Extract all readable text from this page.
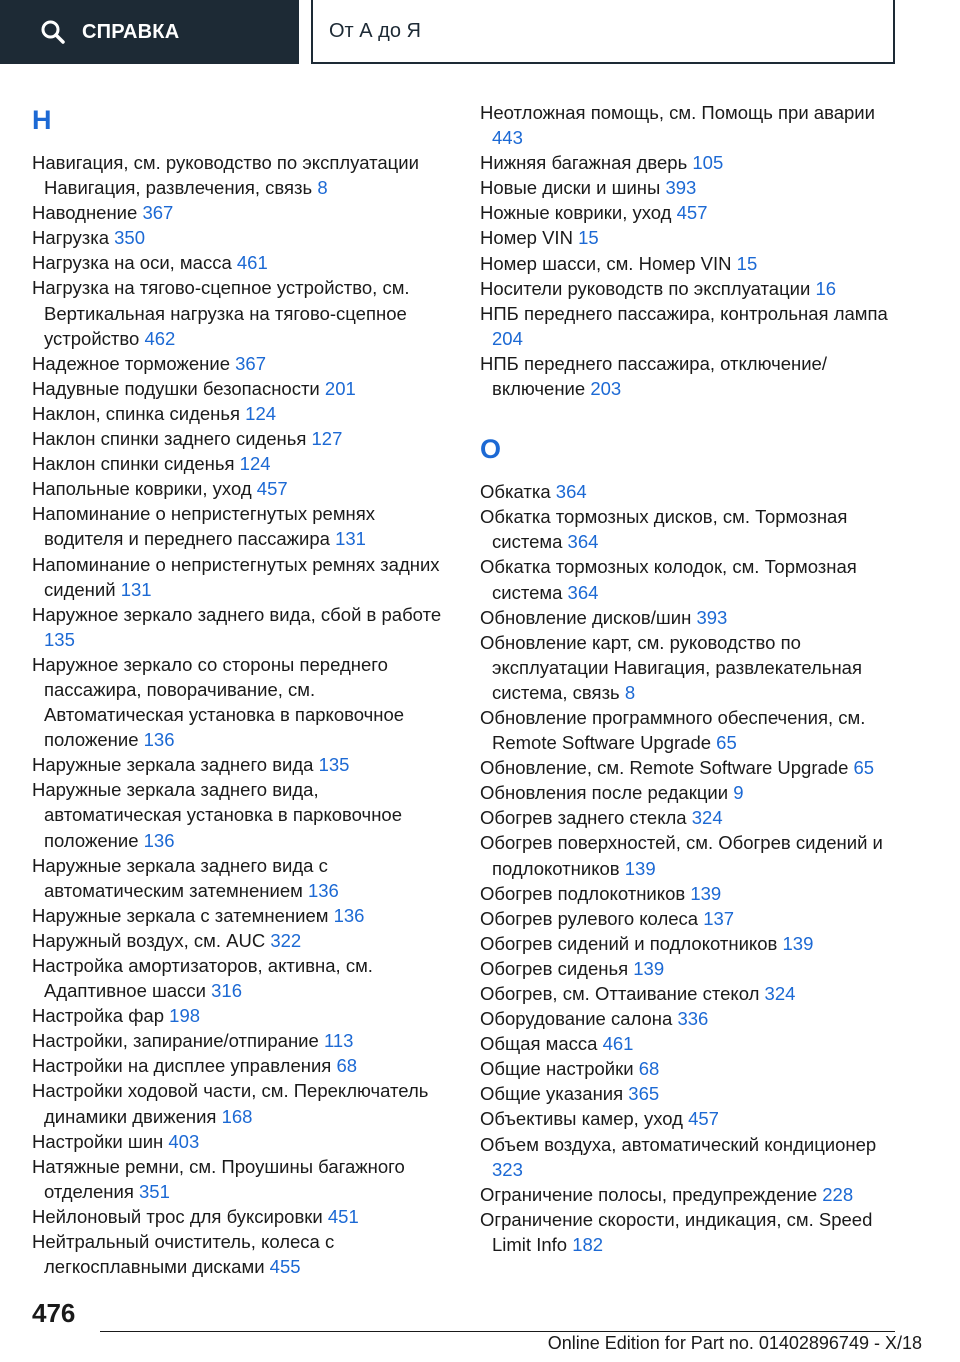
СПРАВКА	От А до Я
Н

Навигация, см. руководство по эксплуатации Навигация, развлечения, связь 8

Наводнение 367

Нагрузка 350

Нагрузка на оси, масса 461

Нагрузка на тягово-сцепное устройство, см. Вертикальная нагрузка на тягово-сцепное устройство 462

Надежное торможение 367

Надувные подушки безопасности 201

Наклон, спинка сиденья 124

Наклон спинки заднего сиденья 127

Наклон спинки сиденья 124

Напольные коврики, уход 457

Напоминание о непристегнутых ремнях водителя и переднего пассажира 131

Напоминание о непристегнутых ремнях задних сидений 131

Наружное зеркало заднего вида, сбой в работе 135

Наружное зеркало со стороны переднего пассажира, поворачивание, см. Автоматическая установка в парковочное положение 136

Наружные зеркала заднего вида 135

Наружные зеркала заднего вида, автоматическая установка в парковочное положение 136

Наружные зеркала заднего вида с автоматическим затемнением 136

Наружные зеркала с затемнением 136

Наружный воздух, см. AUC 322

Настройка амортизаторов, активна, см. Адаптивное шасси 316

Настройка фар 198

Настройки, запирание/отпирание 113

Настройки на дисплее управления 68

Настройки ходовой части, см. Переключатель динамики движения 168

Настройки шин 403

Натяжные ремни, см. Проушины багажного отделения 351

Нейлоновый трос для буксировки 451

Нейтральный очиститель, колеса с легкосплавными дисками 455

Неотложная помощь, см. Помощь при аварии 443

Нижняя багажная дверь 105

Новые диски и шины 393

Ножные коврики, уход 457

Номер VIN 15

Номер шасси, см. Номер VIN 15

Носители руководств по эксплуатации 16

НПБ переднего пассажира, контрольная лампа 204

НПБ переднего пассажира, отключение/включение 203

О

Обкатка 364

Обкатка тормозных дисков, см. Тормозная система 364

Обкатка тормозных колодок, см. Тормозная система 364

Обновление дисков/шин 393

Обновление карт, см. руководство по эксплуатации Навигация, развлекательная система, связь 8

Обновление программного обеспечения, см. Remote Software Upgrade 65

Обновление, см. Remote Software Upgrade 65

Обновления после редакции 9

Обогрев заднего стекла 324

Обогрев поверхностей, см. Обогрев сидений и подлокотников 139

Обогрев подлокотников 139

Обогрев рулевого колеса 137

Обогрев сидений и подлокотников 139

Обогрев сиденья 139

Обогрев, см. Оттаивание стекол 324

Оборудование салона 336

Общая масса 461

Общие настройки 68

Общие указания 365

Объективы камер, уход 457

Объем воздуха, автоматический кондиционер 323

Ограничение полосы, предупреждение 228

Ограничение скорости, индикация, см. Speed Limit Info 182

476
Online Edition for Part no. 01402896749 - X/18
